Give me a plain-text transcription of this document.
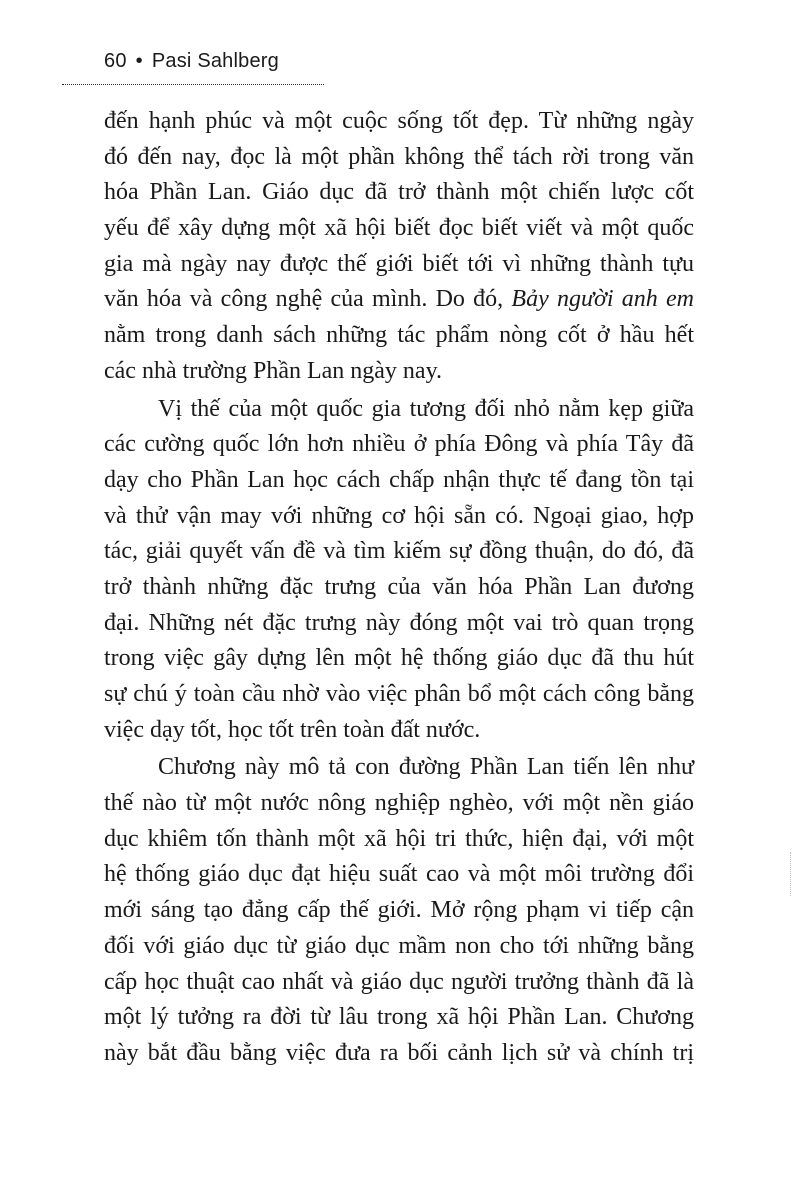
60 • Pasi Sahlberg
đến hạnh phúc và một cuộc sống tốt đẹp. Từ những ngày
đó đến nay, đọc là một phần không thể tách rời trong văn
hóa Phần Lan. Giáo dục đã trở thành một chiến lược cốt
yếu để xây dựng một xã hội biết đọc biết viết và một quốc
gia mà ngày nay được thế giới biết tới vì những thành tựu
văn hóa và công nghệ của mình. Do đó, Bảy người anh em
nằm trong danh sách những tác phẩm nòng cốt ở hầu hết
các nhà trường Phần Lan ngày nay.
Vị thế của một quốc gia tương đối nhỏ nằm kẹp giữa
các cường quốc lớn hơn nhiều ở phía Đông và phía Tây đã
dạy cho Phần Lan học cách chấp nhận thực tế đang tồn tại
và thử vận may với những cơ hội sẵn có. Ngoại giao, hợp
tác, giải quyết vấn đề và tìm kiếm sự đồng thuận, do đó, đã
trở thành những đặc trưng của văn hóa Phần Lan đương
đại. Những nét đặc trưng này đóng một vai trò quan trọng
trong việc gây dựng lên một hệ thống giáo dục đã thu hút
sự chú ý toàn cầu nhờ vào việc phân bổ một cách công bằng
việc dạy tốt, học tốt trên toàn đất nước.
Chương này mô tả con đường Phần Lan tiến lên như
thế nào từ một nước nông nghiệp nghèo, với một nền giáo
dục khiêm tốn thành một xã hội tri thức, hiện đại, với một
hệ thống giáo dục đạt hiệu suất cao và một môi trường đổi
mới sáng tạo đẳng cấp thế giới. Mở rộng phạm vi tiếp cận
đối với giáo dục từ giáo dục mầm non cho tới những bằng
cấp học thuật cao nhất và giáo dục người trưởng thành đã là
một lý tưởng ra đời từ lâu trong xã hội Phần Lan. Chương
này bắt đầu bằng việc đưa ra bối cảnh lịch sử và chính trị
